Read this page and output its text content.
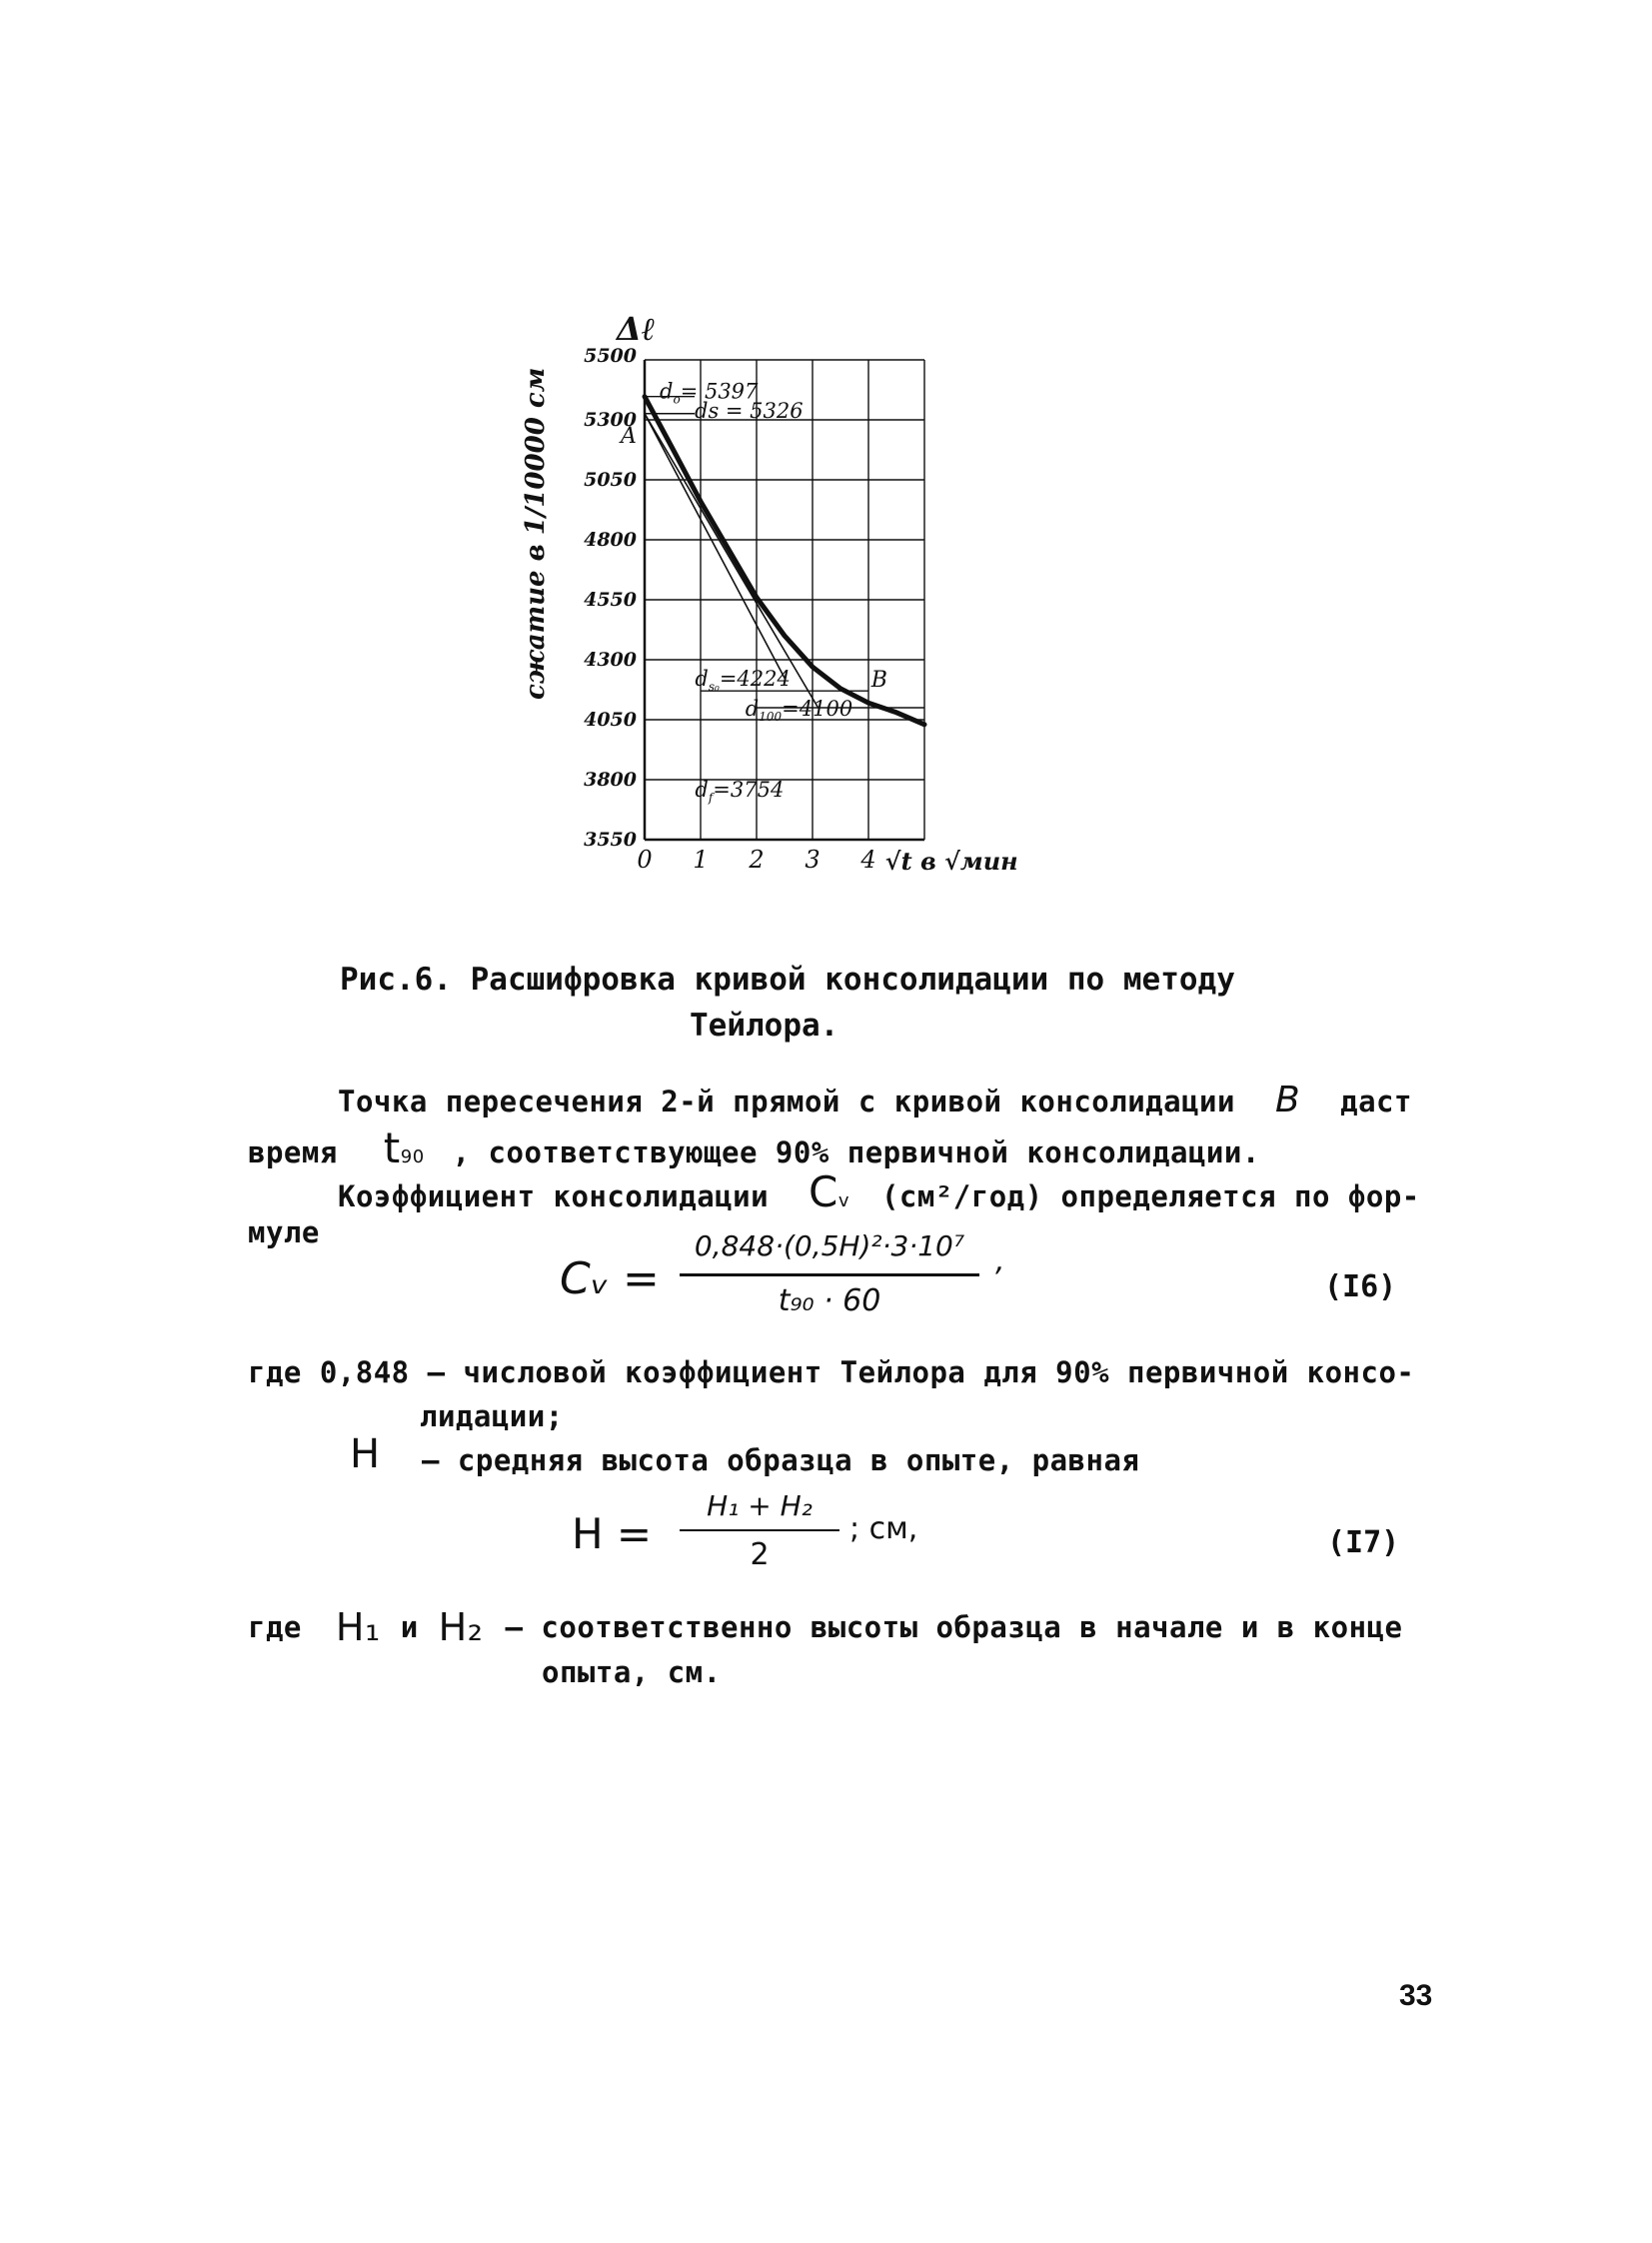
5500
5300
5050
4800
4550
4300
4050
3800
3550
0 1 2 3 4 √t в √мин
Δℓ
сжатие в 1/10000 см	A
B
$d_o= 5397$
ds = 5326
$d_{s_0}=4224$
$d_{100}=4100$
$d_f=3754$
Рис.6. Расшифровка кривой консолидации по методу
Тейлора.
Точка пересечения 2-й прямой с кривой консолидации B даст
время t90 , соответствующее 90% первичной консолидации.
Коэффициент консолидации Cv (см²/год) определяется по фор-
муле
Cᵥ =
0,848·(0,5H)²·3·10⁷
t₉₀ · 60
,
(I6)
где 0,848 – числовой коэффициент Тейлора для 90% первичной консо-
лидации;
H – средняя высота образца в опыте, равная
H =
H₁ + H₂
2
; см,	(I7)
где H₁ и H₂ – соответственно высоты образца в начале и в конце
опыта, см.
33
